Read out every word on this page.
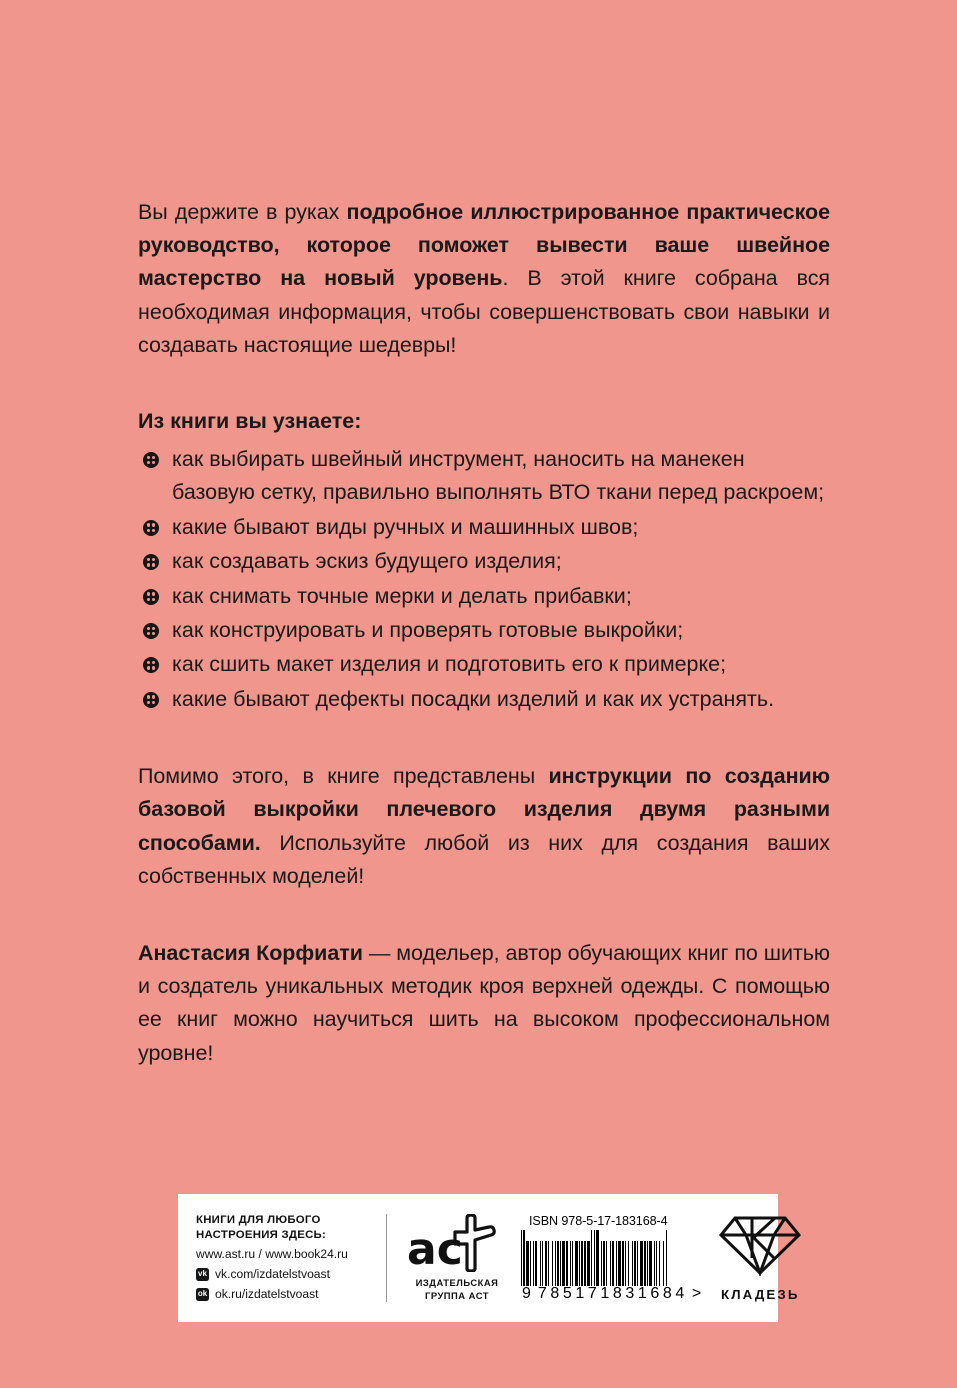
Вы держите в руках подробное иллюстрированное практическое руководство, которое поможет вывести ваше швейное мастерство на новый уровень. В этой книге собрана вся необходимая информация, чтобы совершенствовать свои навыки и создавать настоящие шедевры!

Из книги вы узнаете:

как выбирать швейный инструмент, наносить на манекен базовую сетку, правильно выполнять ВТО ткани перед раскроем;
какие бывают виды ручных и машинных швов;
как создавать эскиз будущего изделия;
как снимать точные мерки и делать прибавки;
как конструировать и проверять готовые выкройки;
как сшить макет изделия и подготовить его к примерке;
какие бывают дефекты посадки изделий и как их устранять.

Помимо этого, в книге представлены инструкции по созданию базовой выкройки плечевого изделия двумя разными способами. Используйте любой из них для создания ваших собственных моделей!

Анастасия Корфиати — модельер, автор обучающих книг по шитью и создатель уникальных методик кроя верхней одежды. С помощью ее книг можно научиться шить на высоком профессиональном уровне!

КНИГИ ДЛЯ ЛЮБОГО
НАСТРОЕНИЯ ЗДЕСЬ:
www.ast.ru / www.book24.ru
vk vk.com/izdatelstvoast
ok ok.ru/izdatelstvoast
ac
ИЗДАТЕЛЬСКАЯ
ГРУППА АСТ
ISBN 978-5-17-183168-4
9 785171 831684 >	КЛАДЕЗЬ
